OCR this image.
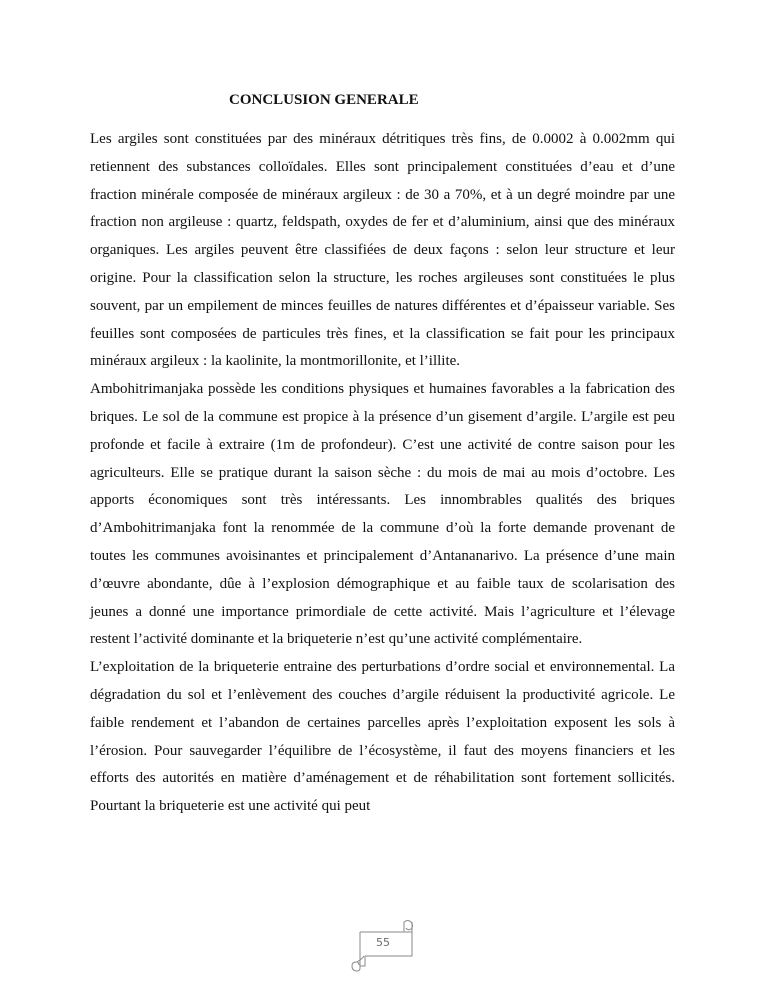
CONCLUSION GENERALE

Les argiles sont constituées par des minéraux détritiques très fins, de 0.0002 à 0.002mm qui retiennent des substances colloïdales. Elles sont principalement constituées d’eau et d’une fraction minérale composée de minéraux argileux : de 30 a 70%, et à un degré moindre par une fraction non argileuse : quartz, feldspath, oxydes de fer et d’aluminium, ainsi que des minéraux organiques. Les argiles peuvent être classifiées de deux façons : selon leur structure et leur origine. Pour la classification selon la structure, les roches argileuses sont constituées le plus souvent, par un empilement de minces feuilles de natures différentes et d’épaisseur variable. Ses feuilles sont composées de particules très fines, et la classification se fait pour les principaux minéraux argileux : la kaolinite, la montmorillonite, et l’illite.

Ambohitrimanjaka possède les conditions physiques et humaines favorables a la fabrication des briques. Le sol de la commune est propice à la présence d’un gisement d’argile. L’argile est peu profonde et facile à extraire (1m de profondeur). C’est une activité de contre saison pour les agriculteurs. Elle se pratique durant la saison sèche : du mois de mai au mois d’octobre. Les apports économiques sont très intéressants. Les innombrables qualités des briques d’Ambohitrimanjaka font la renommée de la commune d’où la forte demande provenant de toutes les communes avoisinantes et principalement d’Antananarivo. La présence d’une main d’œuvre abondante, dûe à l’explosion démographique et au faible taux de scolarisation des jeunes a donné une importance primordiale de cette activité. Mais l’agriculture et l’élevage restent l’activité dominante et la briqueterie n’est qu’une activité complémentaire.

L’exploitation de la briqueterie entraine des perturbations d’ordre social et environnemental. La dégradation du sol et l’enlèvement des couches d’argile réduisent la productivité agricole. Le faible rendement et l’abandon de certaines parcelles après l’exploitation exposent les sols à l’érosion. Pour sauvegarder l’équilibre de l’écosystème, il faut des moyens financiers et les efforts des autorités en matière d’aménagement et de réhabilitation sont fortement sollicités. Pourtant la briqueterie est une activité qui peut

55
